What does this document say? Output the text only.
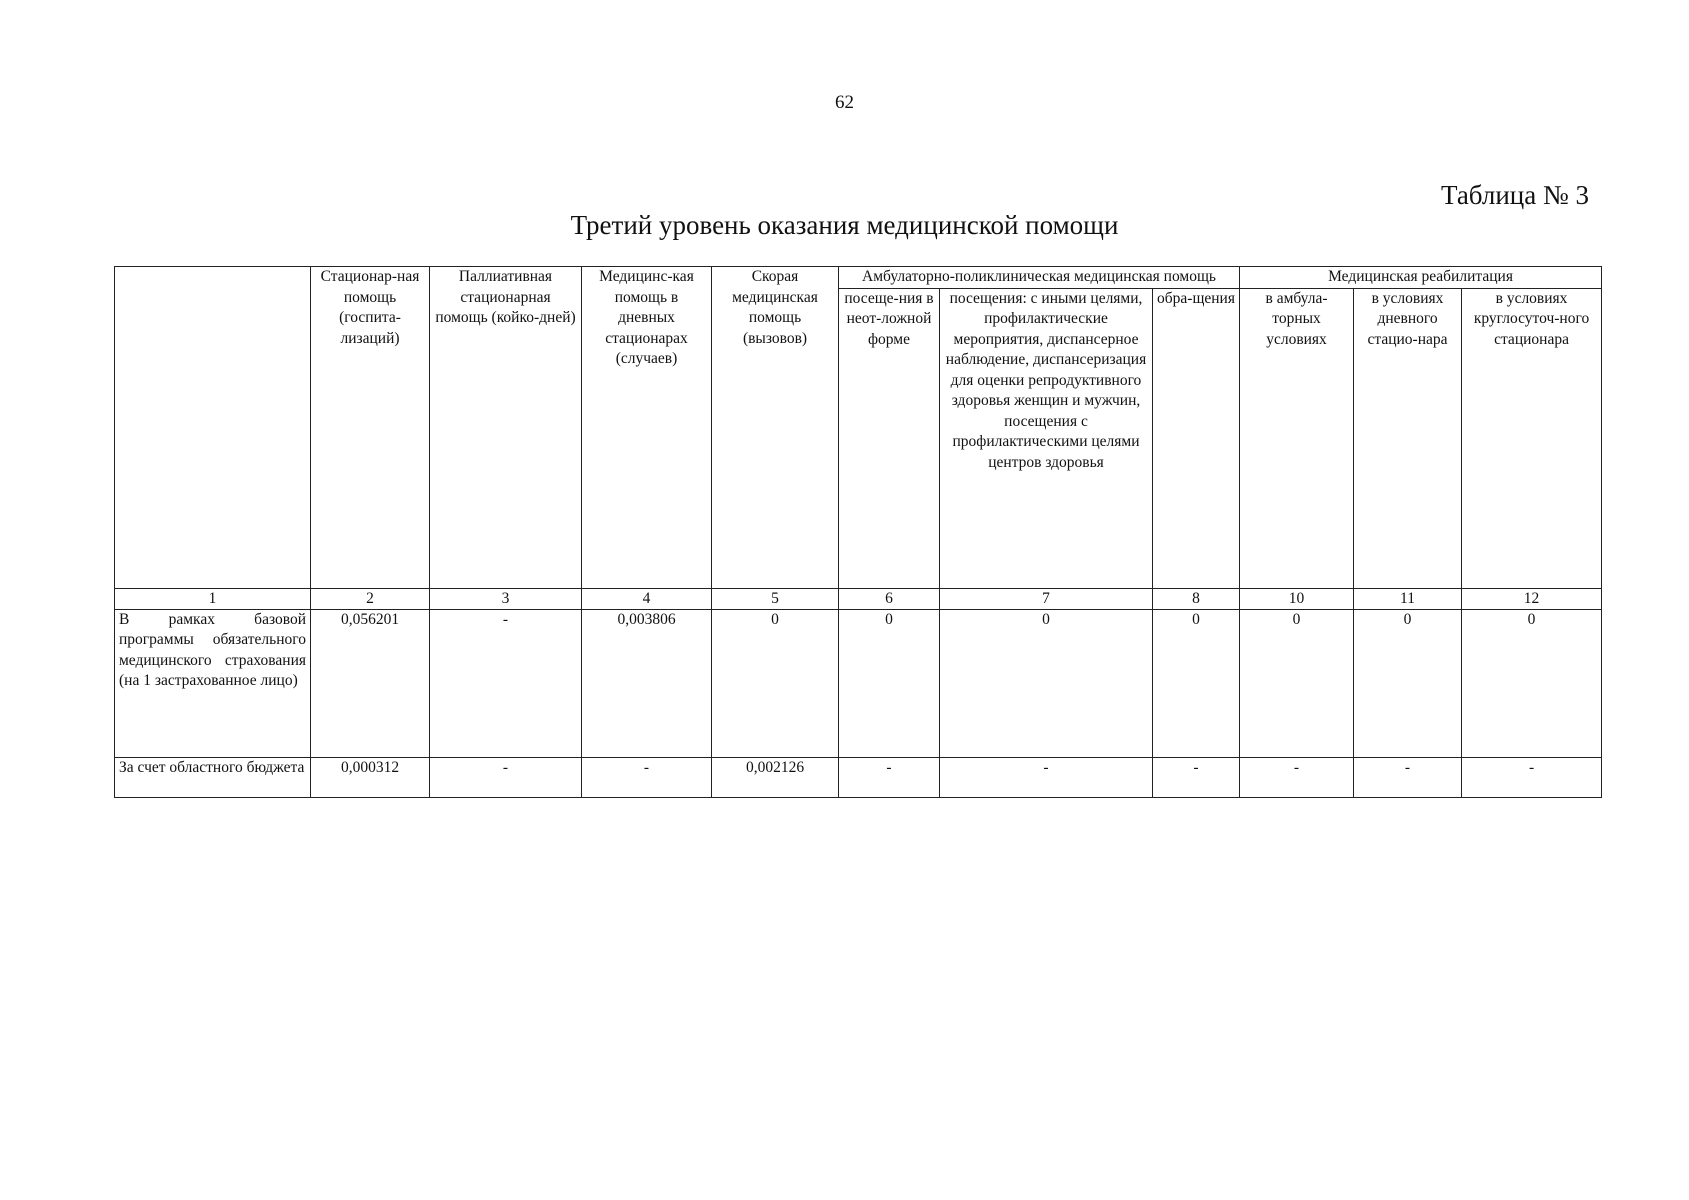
62
Таблица № 3
Третий уровень оказания медицинской помощи
	Стационар-ная помощь (госпита-лизаций)	Паллиативная стационарная помощь (койко-дней)	Медицинс-кая помощь в дневных стационарах (случаев)	Скорая медицинская помощь (вызовов)	Амбулаторно-поликлиническая медицинская помощь			Медицинская реабилитация		
					посеще-ния в неот-ложной форме	посещения: с иными целями, профилактические мероприятия, диспансерное наблюдение, диспансеризация для оценки репродуктивного здоровья женщин и мужчин, посещения с профилактическими целями центров здоровья	обра-щения	в амбула-торных условиях	в условиях дневного стацио-нара	в условиях круглосуточ-ного стационара
1	2	3	4	5	6	7	8	10	11	12
В рамках базовой программы обязательного медицинского страхования (на 1 застрахованное лицо)	0,056201	-	0,003806	0	0	0	0	0	0	0
За счет областного бюджета	0,000312	-	-	0,002126	-	-	-	-	-	-
